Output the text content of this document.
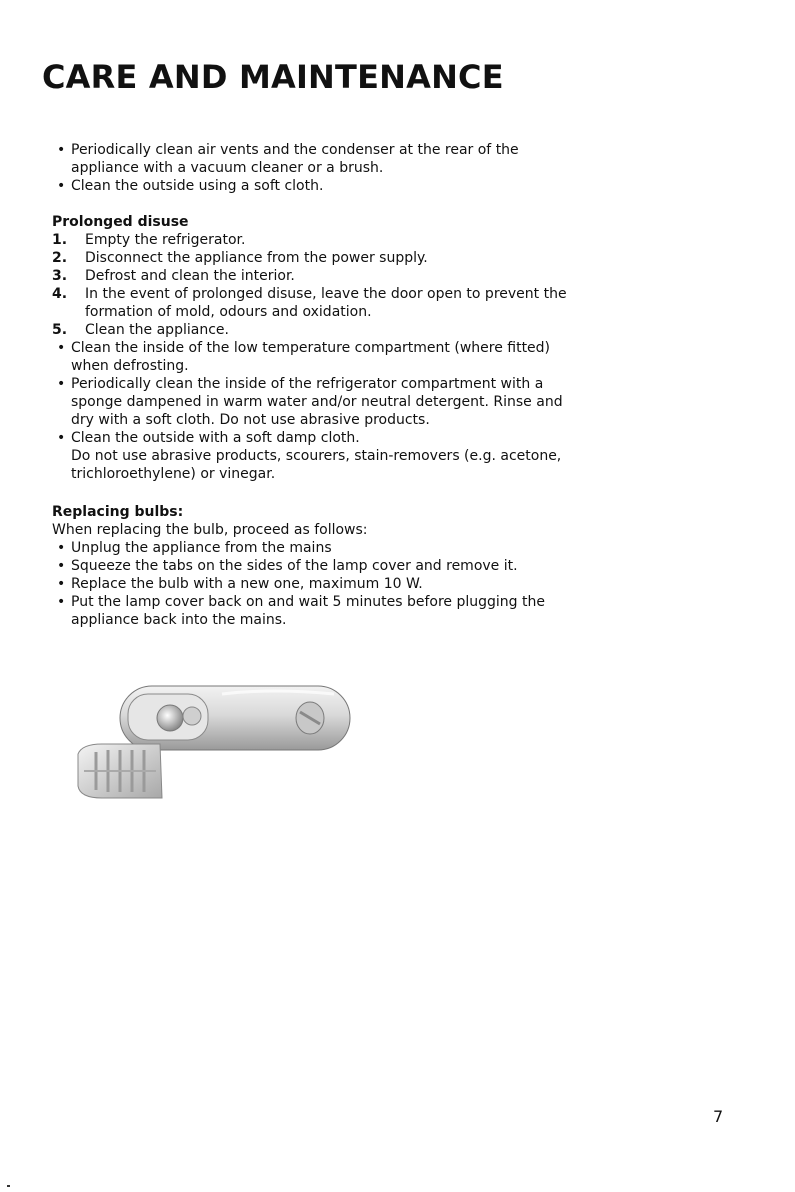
CARE AND MAINTENANCE
• Periodically clean air vents and the condenser at the rear of the appliance with a vacuum cleaner or a brush.
• Clean the outside using a soft cloth.
Prolonged disuse
1. Empty the refrigerator.
2. Disconnect the appliance from the power supply.
3. Defrost and clean the interior.
4. In the event of prolonged disuse, leave the door open to prevent the formation of mold, odours and oxidation.
5. Clean the appliance.
• Clean the inside of the low temperature compartment (where fitted) when defrosting.
• Periodically clean the inside of the refrigerator compartment with a sponge dampened in warm water and/or neutral detergent. Rinse and dry with a soft cloth. Do not use abrasive products.
• Clean the outside with a soft damp cloth.
Do not use abrasive products, scourers, stain-removers (e.g. acetone, trichloroethylene) or vinegar.
Replacing bulbs:

When replacing the bulb, proceed as follows:

• Unplug the appliance from the mains
• Squeeze the tabs on the sides of the lamp cover and remove it.
• Replace the bulb with a new one, maximum 10 W.
• Put the lamp cover back on and wait 5 minutes before plugging the appliance back into the mains.
7
